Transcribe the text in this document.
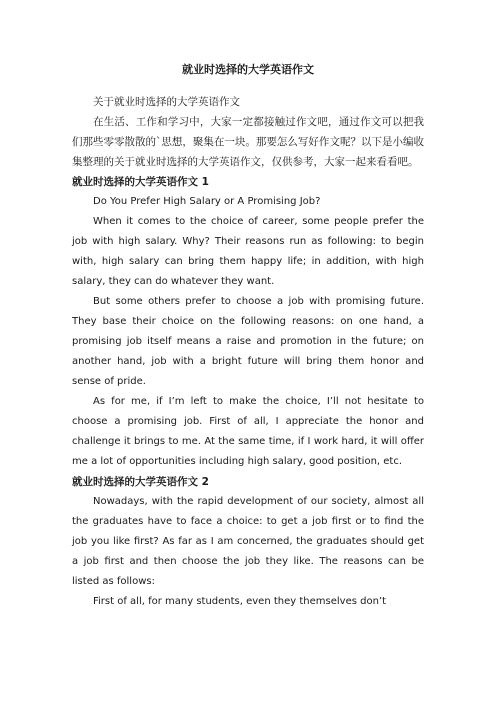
就业时选择的大学英语作文

关于就业时选择的大学英语作文

在生活、工作和学习中，大家一定都接触过作文吧，通过作文可以把我们那些零零散散的`思想，聚集在一块。那要怎么写好作文呢？以下是小编收集整理的关于就业时选择的大学英语作文，仅供参考，大家一起来看看吧。

就业时选择的大学英语作文 1

Do You Prefer High Salary or A Promising Job?

When it comes to the choice of career, some people prefer the job with high salary. Why? Their reasons run as following: to begin with, high salary can bring them happy life; in addition, with high salary, they can do whatever they want.

But some others prefer to choose a job with promising future. They base their choice on the following reasons: on one hand, a promising job itself means a raise and promotion in the future; on another hand, job with a bright future will bring them honor and sense of pride.

As for me, if I’m left to make the choice, I’ll not hesitate to choose a promising job. First of all, I appreciate the honor and challenge it brings to me. At the same time, if I work hard, it will offer me a lot of opportunities including high salary, good position, etc.

就业时选择的大学英语作文 2

Nowadays, with the rapid development of our society, almost all the graduates have to face a choice: to get a job first or to find the job you like first? As far as I am concerned, the graduates should get a job first and then choose the job they like. The reasons can be listed as follows:

First of all, for many students, even they themselves don’t
